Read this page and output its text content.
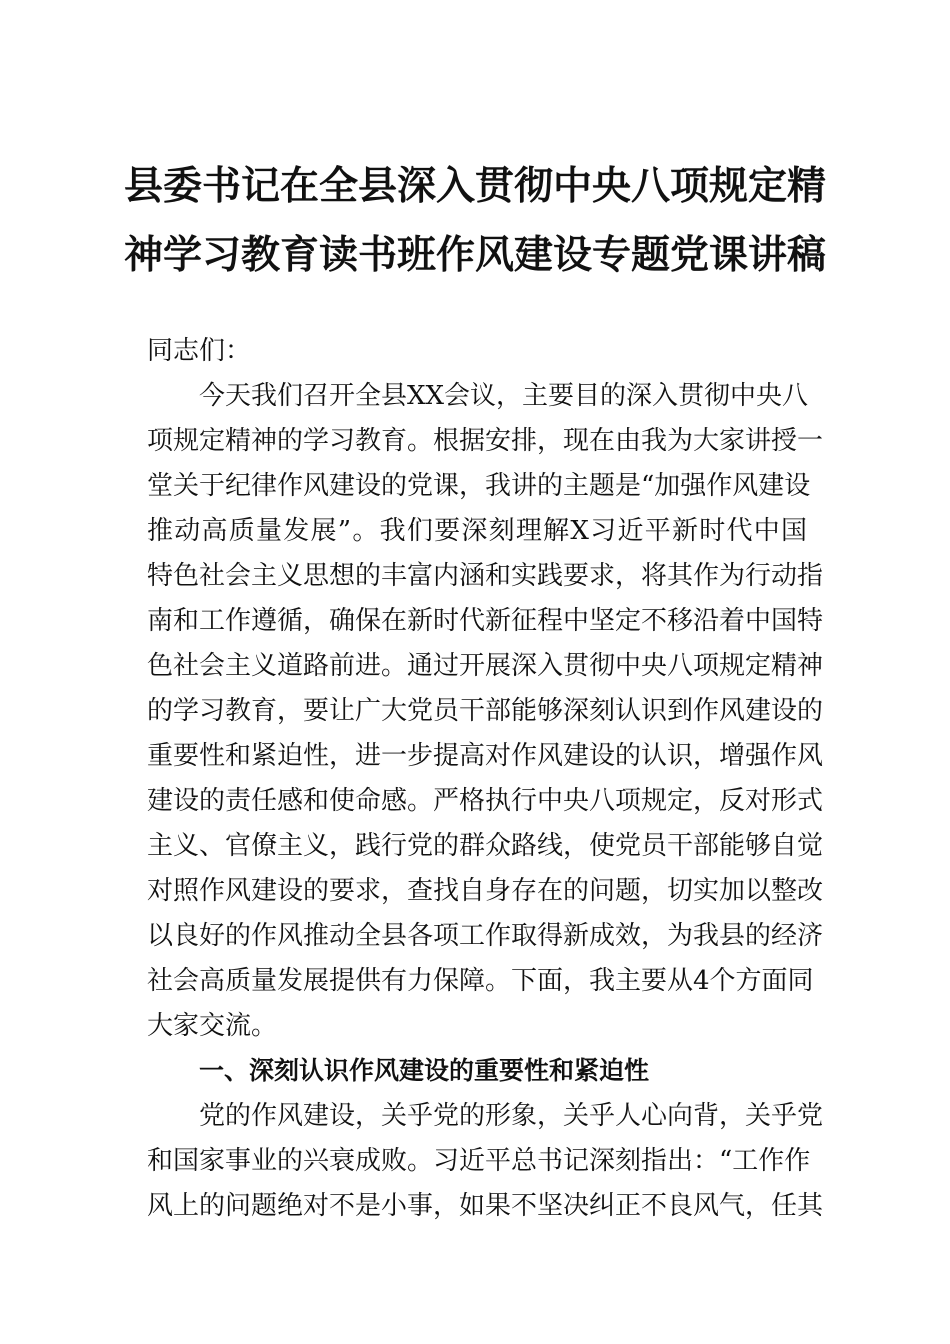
县委书记在全县深入贯彻中央八项规定精
神学习教育读书班作风建设专题党课讲稿

同志们：

今天我们召开全县XX会议，主要目的深入贯彻中央八

项规定精神的学习教育。根据安排，现在由我为大家讲授一

堂关于纪律作风建设的党课，我讲的主题是“加强作风建设

推动高质量发展”。我们要深刻理解X习近平新时代中国

特色社会主义思想的丰富内涵和实践要求，将其作为行动指

南和工作遵循，确保在新时代新征程中坚定不移沿着中国特

色社会主义道路前进。通过开展深入贯彻中央八项规定精神

的学习教育，要让广大党员干部能够深刻认识到作风建设的

重要性和紧迫性，进一步提高对作风建设的认识，增强作风

建设的责任感和使命感。严格执行中央八项规定，反对形式

主义、官僚主义，践行党的群众路线，使党员干部能够自觉

对照作风建设的要求，查找自身存在的问题，切实加以整改

以良好的作风推动全县各项工作取得新成效，为我县的经济

社会高质量发展提供有力保障。下面，我主要从4个方面同

大家交流。

一、深刻认识作风建设的重要性和紧迫性

党的作风建设，关乎党的形象，关乎人心向背，关乎党

和国家事业的兴衰成败。习近平总书记深刻指出：“工作作

风上的问题绝对不是小事，如果不坚决纠正不良风气，任其
